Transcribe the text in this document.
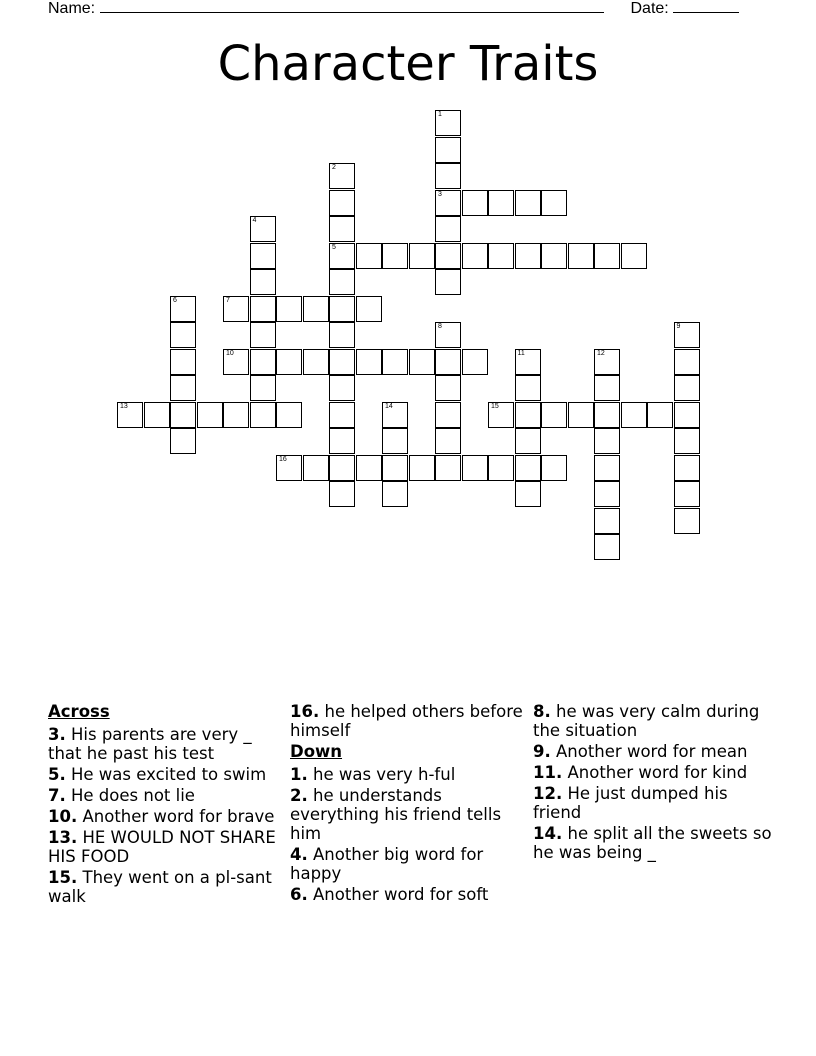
Name:	Date:
Character Traits
1
3
2
5
4
6	7
8	9
10	11	12
13	14	15
16
Across
3. His parents are very _ that he past his test
5. He was excited to swim
7. He does not lie
10. Another word for brave
13. HE WOULD NOT SHARE HIS FOOD
15. They went on a pl-sant walk
16. he helped others before himself
Down
1. he was very h-ful
2. he understands everything his friend tells him
4. Another big word for happy
6. Another word for soft
8. he was very calm during the situation
9. Another word for mean
11. Another word for kind
12. He just dumped his friend
14. he split all the sweets so he was being _
